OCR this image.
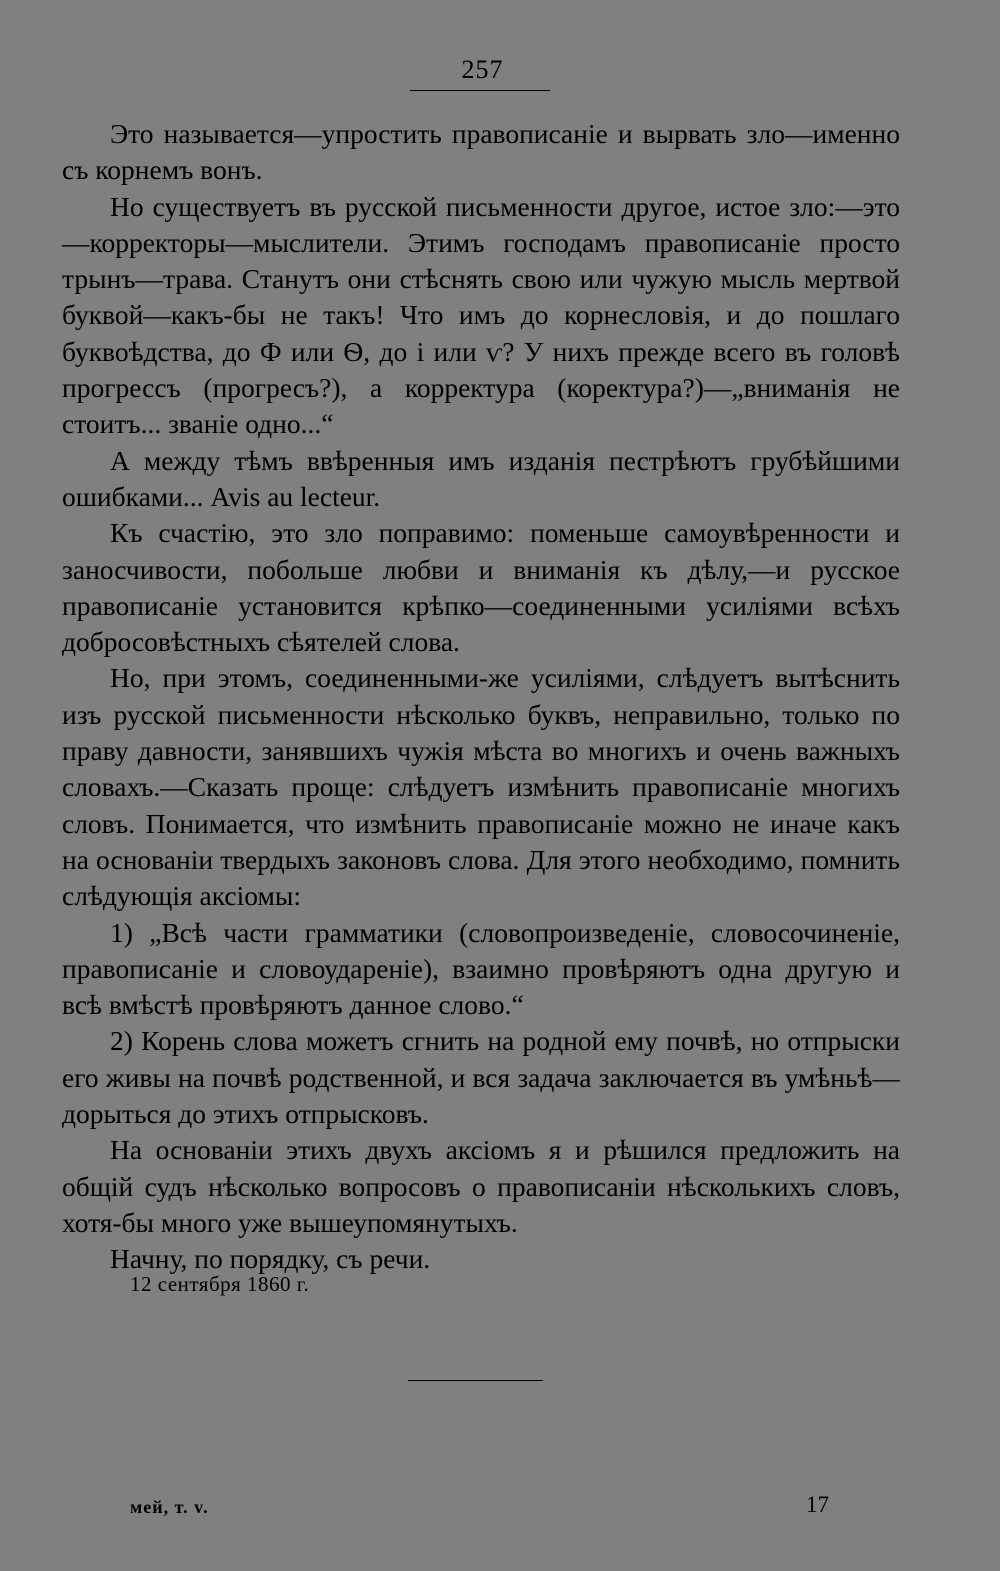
257

Это называется—упростить правописаніе и вырвать зло—именно съ корнемъ вонъ.

Но существуетъ въ русской письменности другое, истое зло:—это—корректоры—мыслители. Этимъ господамъ правописаніе просто трынъ—трава. Станутъ они стѣснять свою или чужую мысль мертвой буквой—какъ-бы не такъ! Что имъ до корнесловія, и до пошлаго буквоѣдства, до Ф или Ѳ, до і или ѵ? У нихъ прежде всего въ головѣ прогрессъ (прогресъ?), а корректура (коректура?)—„вниманія не стоитъ... званіе одно...“

А между тѣмъ ввѣренныя имъ изданія пестрѣютъ грубѣйшими ошибками... Avis au lecteur.

Къ счастію, это зло поправимо: поменьше самоувѣренности и заносчивости, побольше любви и вниманія къ дѣлу,—и русское правописаніе установится крѣпко—соединенными усиліями всѣхъ добросовѣстныхъ сѣятелей слова.

Но, при этомъ, соединенными-же усиліями, слѣдуетъ вытѣснить изъ русской письменности нѣсколько буквъ, неправильно, только по праву давности, занявшихъ чужія мѣста во многихъ и очень важныхъ словахъ.—Сказать проще: слѣдуетъ измѣнить правописаніе многихъ словъ. Понимается, что измѣнить правописаніе можно не иначе какъ на основаніи твердыхъ законовъ слова. Для этого необходимо, помнить слѣдующія аксіомы:

1) „Всѣ части грамматики (словопроизведеніе, словосочиненіе, правописаніе и словоудареніе), взаимно провѣряютъ одна другую и всѣ вмѣстѣ провѣряютъ данное слово.“

2) Корень слова можетъ сгнить на родной ему почвѣ, но отпрыски его живы на почвѣ родственной, и вся задача заключается въ умѣньѣ—дорыться до этихъ отпрысковъ.

На основаніи этихъ двухъ аксіомъ я и рѣшился предложить на общій судъ нѣсколько вопросовъ о правописаніи нѣсколькихъ словъ, хотя-бы много уже вышеупомянутыхъ.

Начну, по порядку, съ речи.

12 сентября 1860 г.
мей, т. v.	17
